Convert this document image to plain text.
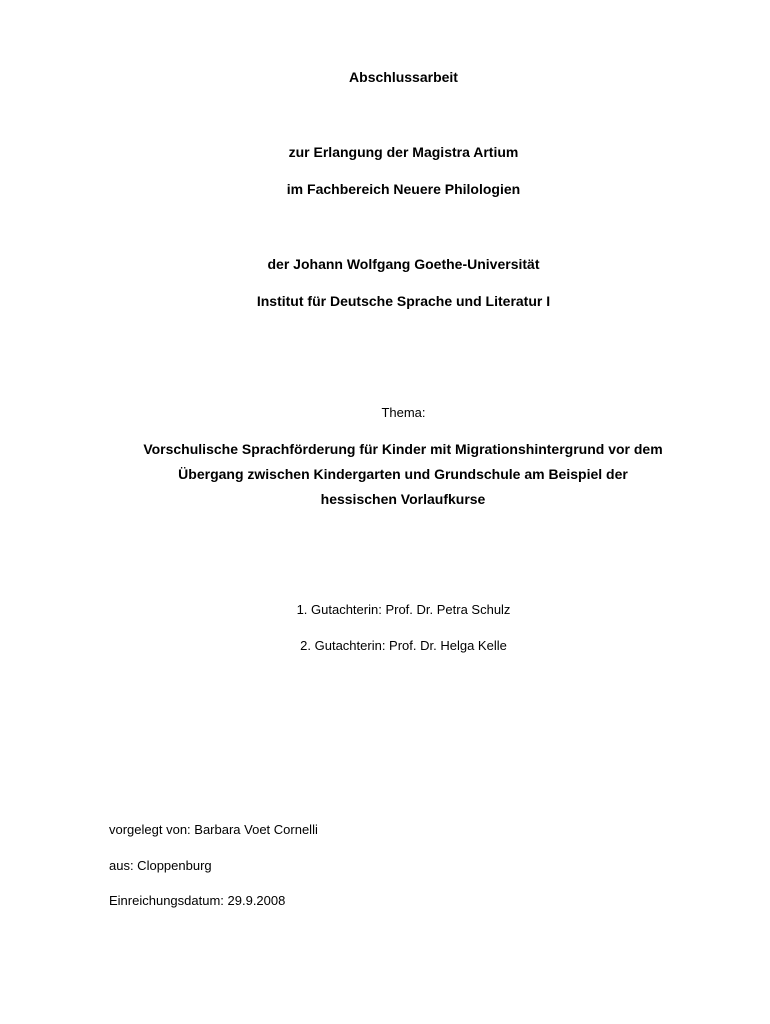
Abschlussarbeit
zur Erlangung der Magistra Artium
im Fachbereich Neuere Philologien
der Johann Wolfgang Goethe-Universität
Institut für Deutsche Sprache und Literatur I
Thema:
Vorschulische Sprachförderung für Kinder mit Migrationshintergrund vor dem
Übergang zwischen Kindergarten und Grundschule am Beispiel der
hessischen Vorlaufkurse
1. Gutachterin: Prof. Dr. Petra Schulz
2. Gutachterin: Prof. Dr. Helga Kelle
vorgelegt von: Barbara Voet Cornelli
aus: Cloppenburg
Einreichungsdatum: 29.9.2008
